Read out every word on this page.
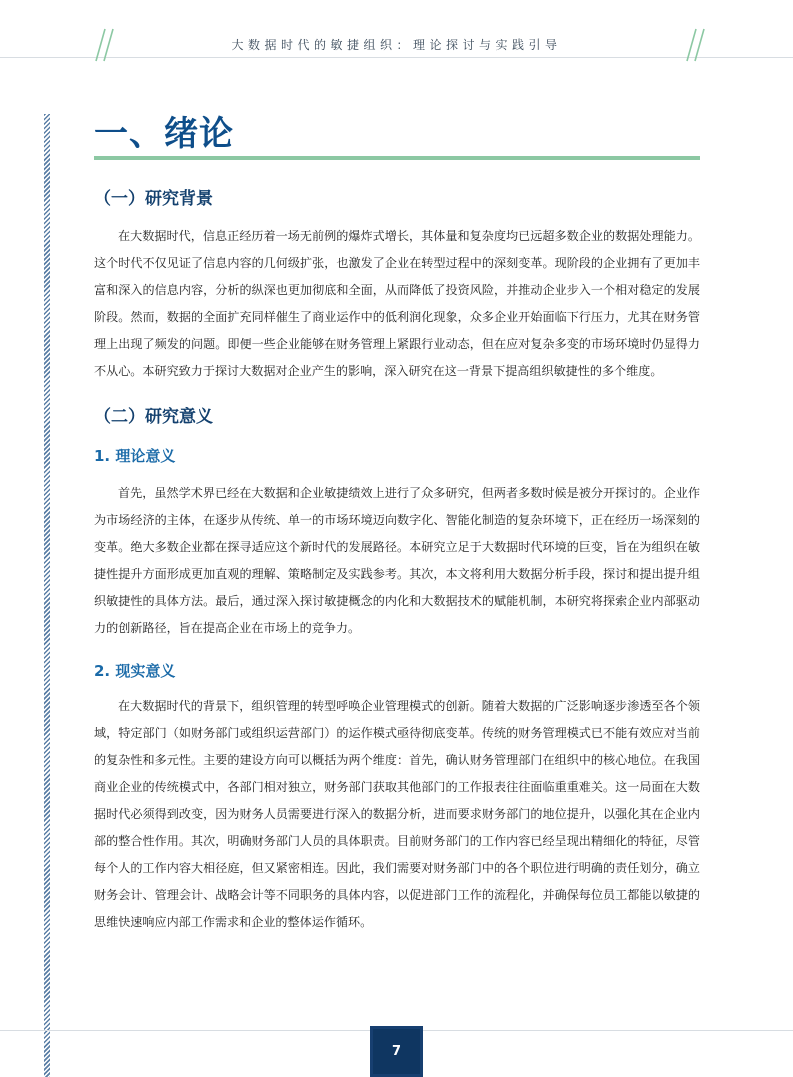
大数据时代的敏捷组织：理论探讨与实践引导
一、绪论
（一）研究背景

在大数据时代，信息正经历着一场无前例的爆炸式增长，其体量和复杂度均已远超多数企业的数据处理能力。这个时代不仅见证了信息内容的几何级扩张，也激发了企业在转型过程中的深刻变革。现阶段的企业拥有了更加丰富和深入的信息内容，分析的纵深也更加彻底和全面，从而降低了投资风险，并推动企业步入一个相对稳定的发展阶段。然而，数据的全面扩充同样催生了商业运作中的低利润化现象，众多企业开始面临下行压力，尤其在财务管理上出现了频发的问题。即便一些企业能够在财务管理上紧跟行业动态，但在应对复杂多变的市场环境时仍显得力不从心。本研究致力于探讨大数据对企业产生的影响，深入研究在这一背景下提高组织敏捷性的多个维度。

（二）研究意义
1. 理论意义

首先，虽然学术界已经在大数据和企业敏捷绩效上进行了众多研究，但两者多数时候是被分开探讨的。企业作为市场经济的主体，在逐步从传统、单一的市场环境迈向数字化、智能化制造的复杂环境下，正在经历一场深刻的变革。绝大多数企业都在探寻适应这个新时代的发展路径。本研究立足于大数据时代环境的巨变，旨在为组织在敏捷性提升方面形成更加直观的理解、策略制定及实践参考。其次，本文将利用大数据分析手段，探讨和提出提升组织敏捷性的具体方法。最后，通过深入探讨敏捷概念的内化和大数据技术的赋能机制，本研究将探索企业内部驱动力的创新路径，旨在提高企业在市场上的竞争力。

2. 现实意义

在大数据时代的背景下，组织管理的转型呼唤企业管理模式的创新。随着大数据的广泛影响逐步渗透至各个领域，特定部门（如财务部门或组织运营部门）的运作模式亟待彻底变革。传统的财务管理模式已不能有效应对当前的复杂性和多元性。主要的建设方向可以概括为两个维度：首先，确认财务管理部门在组织中的核心地位。在我国商业企业的传统模式中，各部门相对独立，财务部门获取其他部门的工作报表往往面临重重难关。这一局面在大数据时代必须得到改变，因为财务人员需要进行深入的数据分析，进而要求财务部门的地位提升，以强化其在企业内部的整合性作用。其次，明确财务部门人员的具体职责。目前财务部门的工作内容已经呈现出精细化的特征，尽管每个人的工作内容大相径庭，但又紧密相连。因此，我们需要对财务部门中的各个职位进行明确的责任划分，确立财务会计、管理会计、战略会计等不同职务的具体内容，以促进部门工作的流程化，并确保每位员工都能以敏捷的思维快速响应内部工作需求和企业的整体运作循环。

7
